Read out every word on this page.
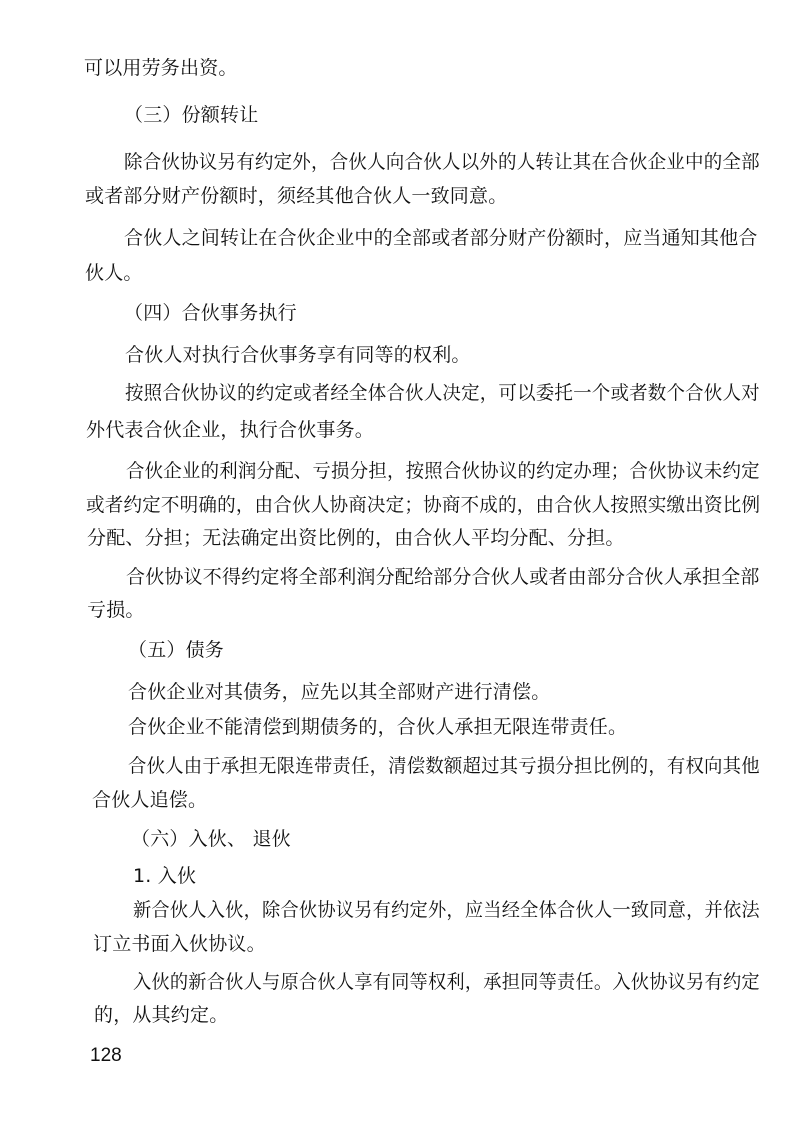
可以用劳务出资。
（三）份额转让
除合伙协议另有约定外，合伙人向合伙人以外的人转让其在合伙企业中的全部
或者部分财产份额时，须经其他合伙人一致同意。
合伙人之间转让在合伙企业中的全部或者部分财产份额时，应当通知其他合
伙人。
（四）合伙事务执行
合伙人对执行合伙事务享有同等的权利。
按照合伙协议的约定或者经全体合伙人决定，可以委托一个或者数个合伙人对
外代表合伙企业，执行合伙事务。
合伙企业的利润分配、亏损分担，按照合伙协议的约定办理；合伙协议未约定
或者约定不明确的，由合伙人协商决定；协商不成的，由合伙人按照实缴出资比例
分配、分担；无法确定出资比例的，由合伙人平均分配、分担。
合伙协议不得约定将全部利润分配给部分合伙人或者由部分合伙人承担全部
亏损。
（五）债务
合伙企业对其债务，应先以其全部财产进行清偿。
合伙企业不能清偿到期债务的，合伙人承担无限连带责任。
合伙人由于承担无限连带责任，清偿数额超过其亏损分担比例的，有权向其他
合伙人追偿。
（六）入伙、 退伙
1. 入伙
新合伙人入伙，除合伙协议另有约定外，应当经全体合伙人一致同意，并依法
订立书面入伙协议。
入伙的新合伙人与原合伙人享有同等权利，承担同等责任。入伙协议另有约定
的，从其约定。
128
